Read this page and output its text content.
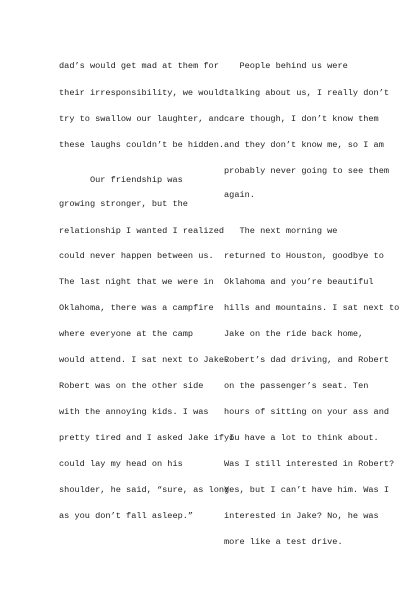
dad’s would get mad at them for
their irresponsibility, we would
try to swallow our laughter, and
these laughs couldn’t be hidden.
Our friendship was
growing stronger, but the
relationship I wanted I realized
could never happen between us.
The last night that we were in
Oklahoma, there was a campfire
where everyone at the camp
would attend. I sat next to Jake.
Robert was on the other side
with the annoying kids. I was
pretty tired and I asked Jake if I
could lay my head on his
shoulder, he said, “sure, as long
as you don’t fall asleep.”
People behind us were
talking about us, I really don’t
care though, I don’t know them
and they don’t know me, so I am
probably never going to see them
again.
The next morning we
returned to Houston, goodbye to
Oklahoma and you’re beautiful
hills and mountains. I sat next to
Jake on the ride back home,
Robert’s dad driving, and Robert
on the passenger’s seat. Ten
hours of sitting on your ass and
you have a lot to think about.
Was I still interested in Robert?
Yes, but I can’t have him. Was I
interested in Jake? No, he was
more like a test drive.
